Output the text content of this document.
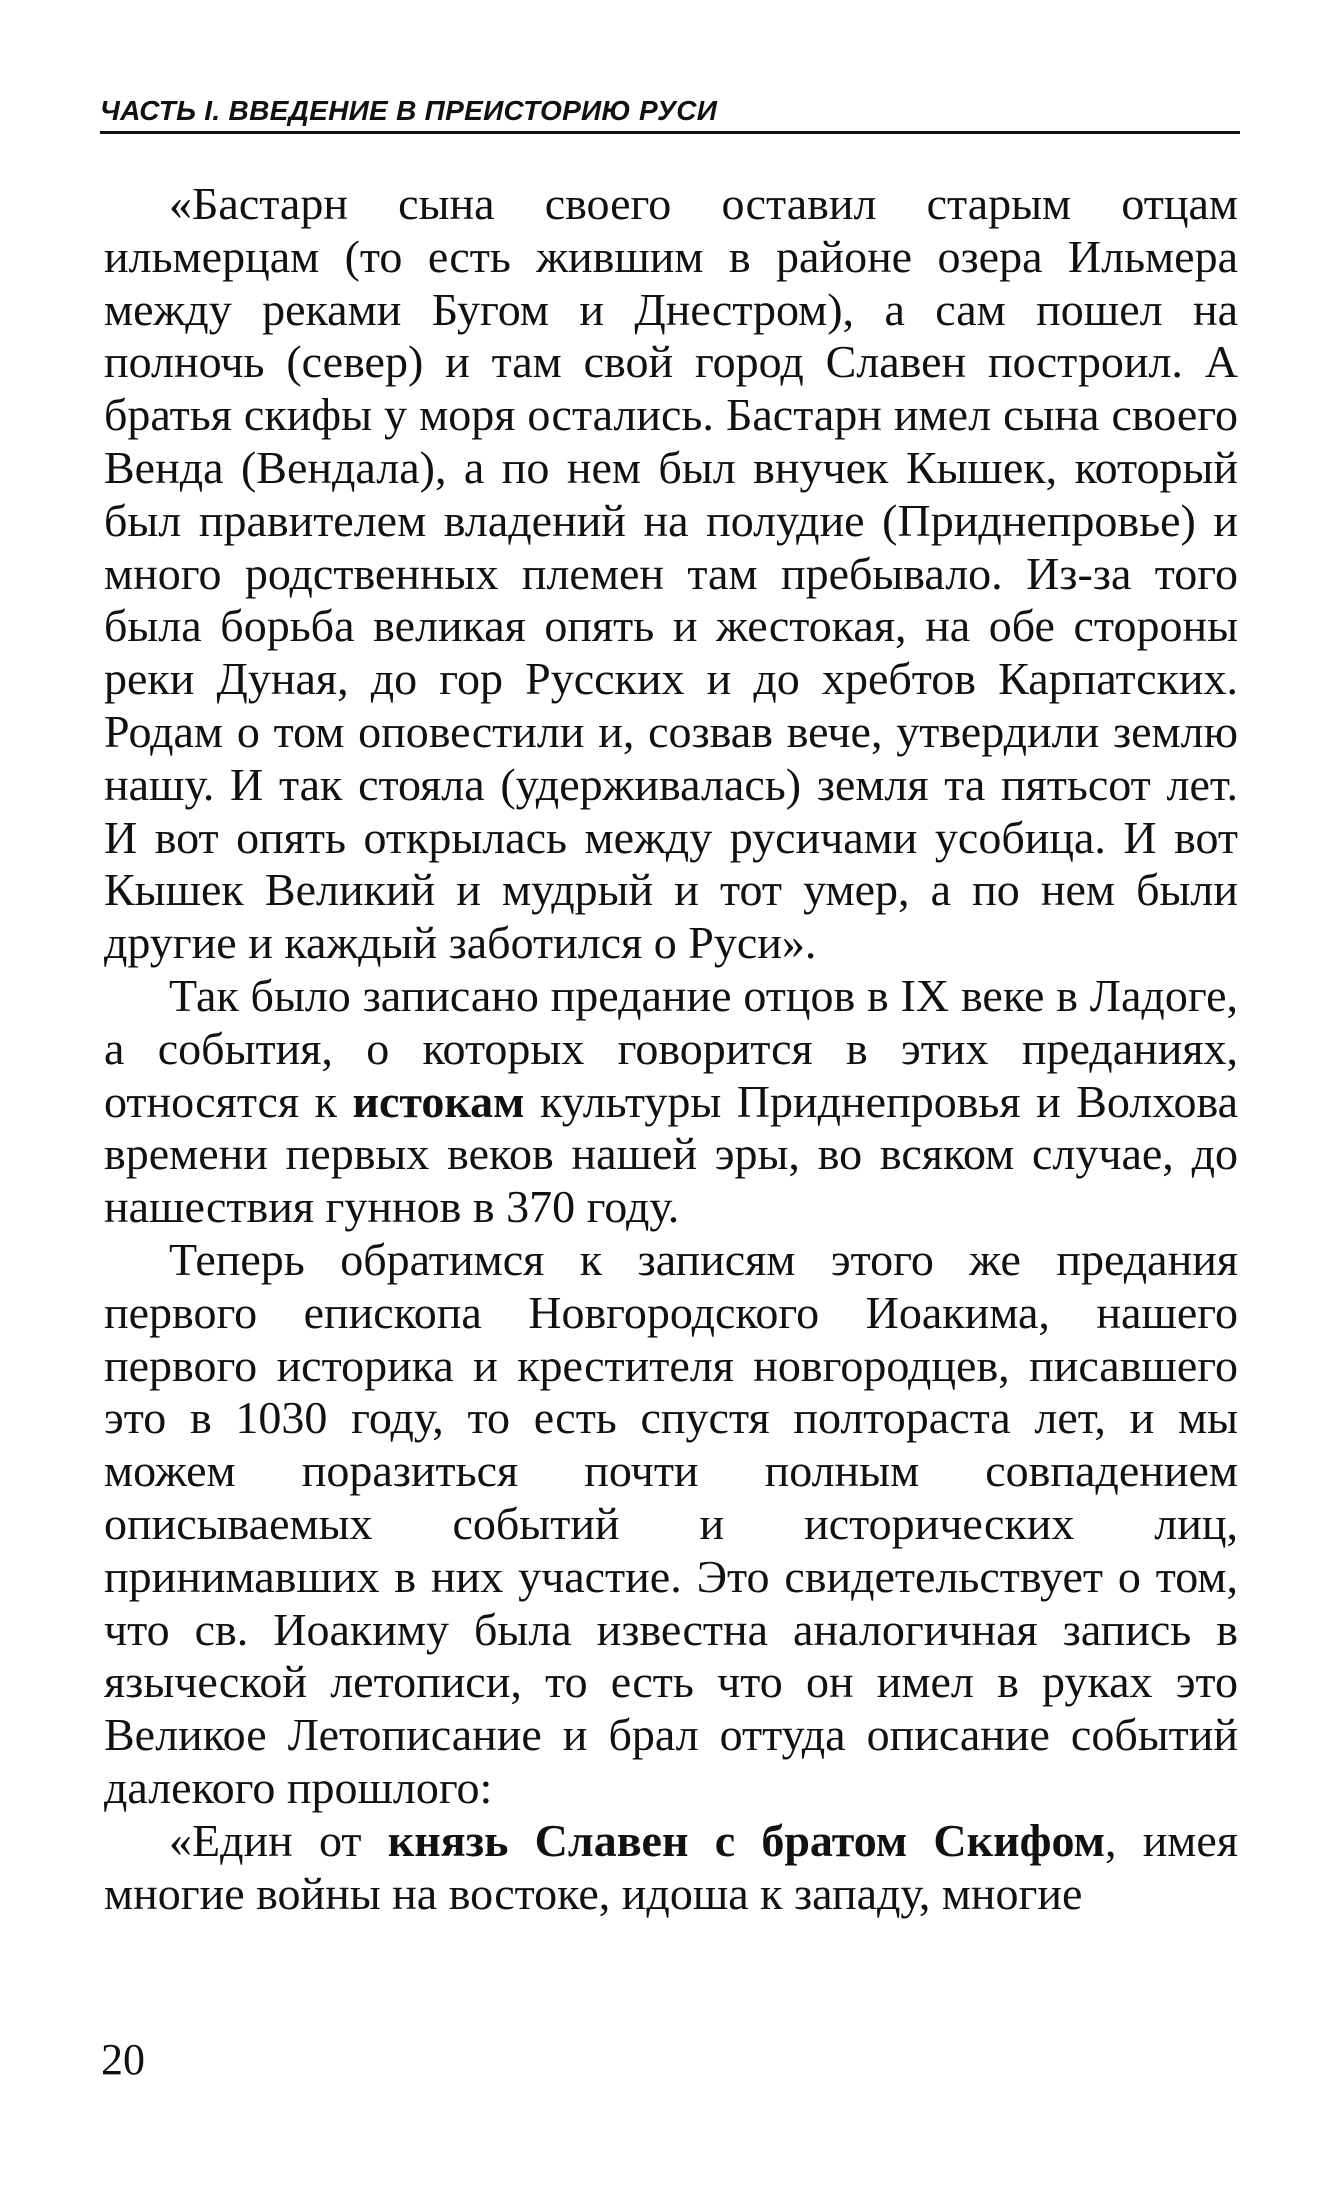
ЧАСТЬ I. ВВЕДЕНИЕ В ПРЕИСТОРИЮ РУСИ

«Бастарн сына своего оставил старым отцам ильмерцам (то есть жившим в районе озера Ильмера между реками Бугом и Днестром), а сам пошел на полночь (север) и там свой город Славен построил. А братья скифы у моря остались. Бастарн имел сына своего Венда (Вендала), а по нем был внучек Кышек, который был правителем владений на полудие (Приднепровье) и много родственных племен там пребывало. Из-за того была борьба великая опять и жестокая, на обе стороны реки Дуная, до гор Русских и до хребтов Карпатских. Родам о том оповестили и, созвав вече, утвердили землю нашу. И так стояла (удерживалась) земля та пятьсот лет. И вот опять открылась между русичами усобица. И вот Кышек Великий и мудрый и тот умер, а по нем были другие и каждый заботился о Руси».

Так было записано предание отцов в IX веке в Ладоге, а события, о которых говорится в этих преданиях, относятся к истокам культуры Приднепровья и Волхова времени первых веков нашей эры, во всяком случае, до нашествия гуннов в 370 году.

Теперь обратимся к записям этого же предания первого епископа Новгородского Иоакима, нашего первого историка и крестителя новгородцев, писавшего это в 1030 году, то есть спустя полтораста лет, и мы можем поразиться почти полным совпадением описываемых событий и исторических лиц, принимавших в них участие. Это свидетельствует о том, что св. Иоакиму была известна аналогичная запись в языческой летописи, то есть что он имел в руках это Великое Летописание и брал оттуда описание событий далекого прошлого:

«Един от князь Славен с братом Скифом, имея многие войны на востоке, идоша к западу, многие

20
